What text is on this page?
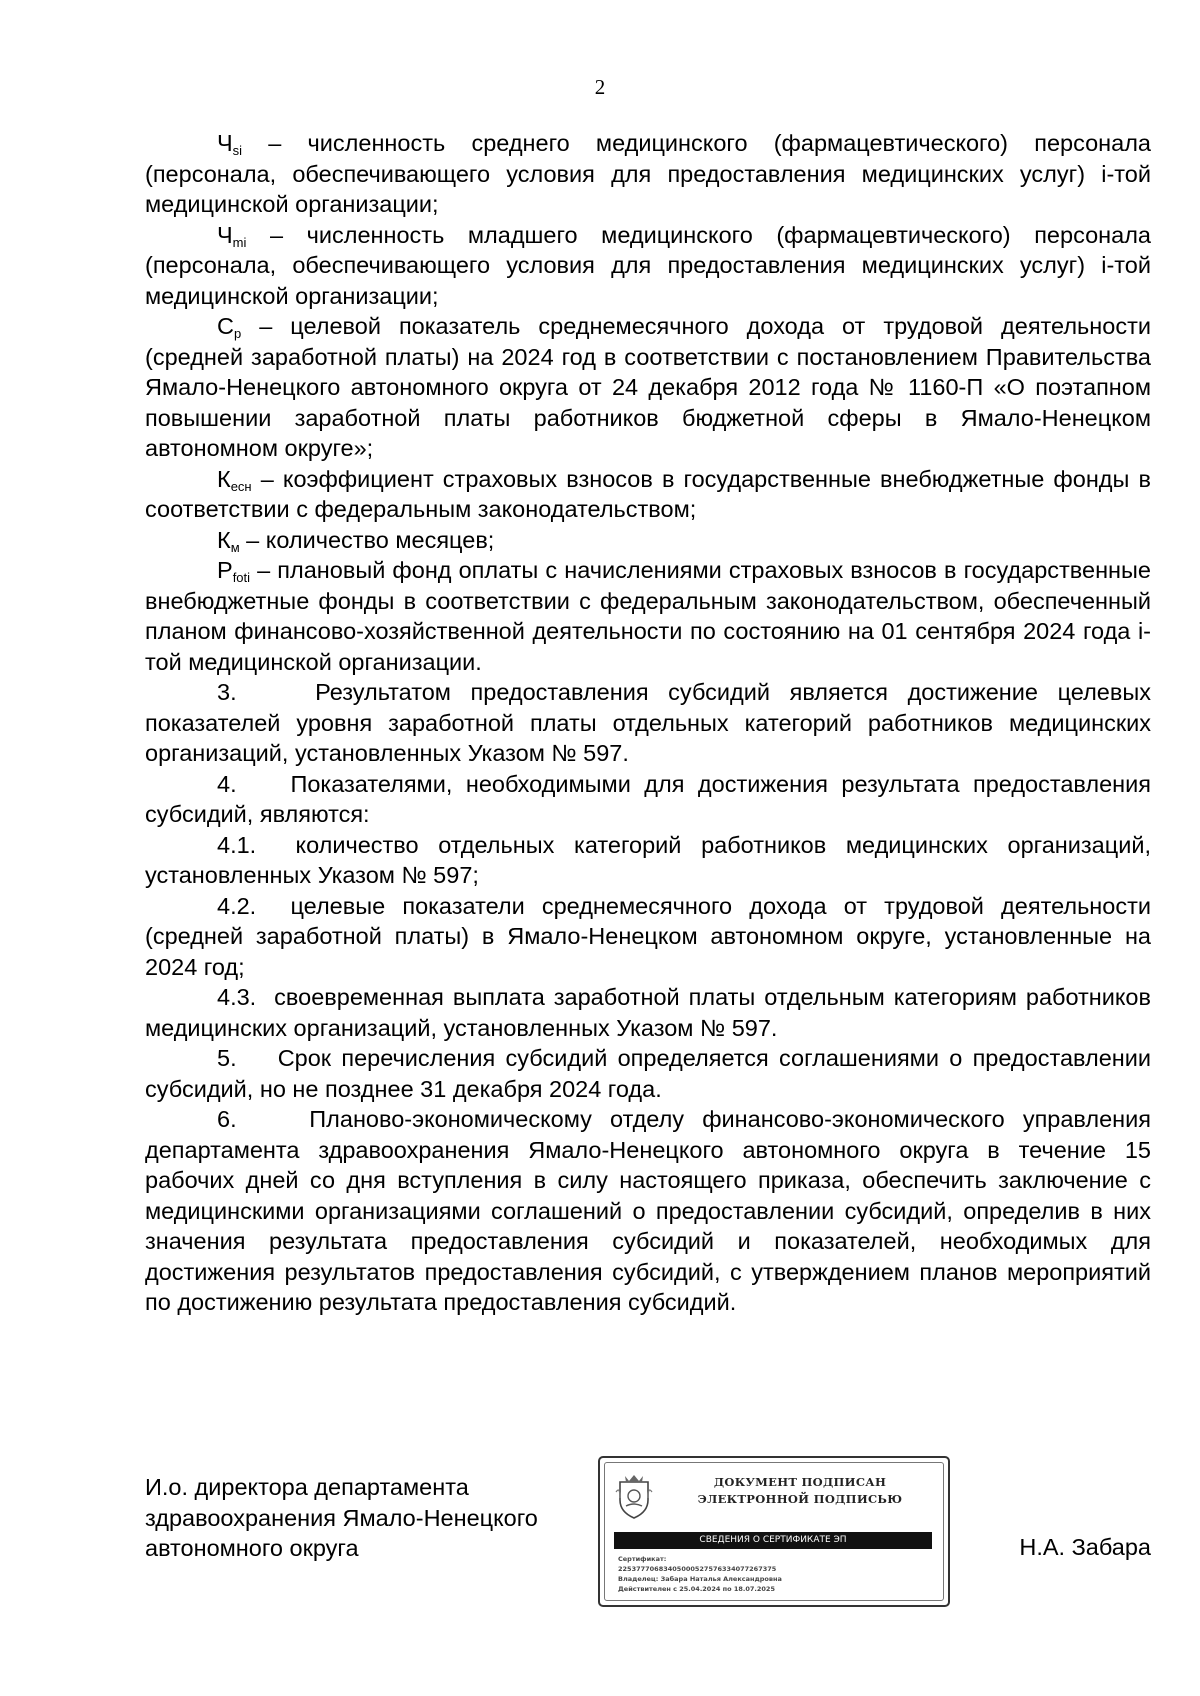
2

$Ч_{si}$ – численность среднего медицинского (фармацевтического) персонала (персонала, обеспечивающего условия для предоставления медицинских услуг) i-той медицинской организации;

$Ч_{mi}$ – численность младшего медицинского (фармацевтического) персонала (персонала, обеспечивающего условия для предоставления медицинских услуг) i-той медицинской организации;

$С_р$ – целевой показатель среднемесячного дохода от трудовой деятельности (средней заработной платы) на 2024 год в соответствии с постановлением Правительства Ямало-Ненецкого автономного округа от 24 декабря 2012 года № 1160-П «О поэтапном повышении заработной платы работников бюджетной сферы в Ямало-Ненецком автономном округе»;

$К_{есн}$ – коэффициент страховых взносов в государственные внебюджетные фонды в соответствии с федеральным законодательством;

$К_м$ – количество месяцев;

$Р_{foti}$ – плановый фонд оплаты с начислениями страховых взносов в государственные внебюджетные фонды в соответствии с федеральным законодательством, обеспеченный планом финансово-хозяйственной деятельности по состоянию на 01 сентября 2024 года i-той медицинской организации.

3.    Результатом предоставления субсидий является достижение целевых показателей уровня заработной платы отдельных категорий работников медицинских организаций, установленных Указом № 597.

4.    Показателями, необходимыми для достижения результата предоставления субсидий, являются:

4.1.  количество отдельных категорий работников медицинских организаций, установленных Указом № 597;

4.2.  целевые показатели среднемесячного дохода от трудовой деятельности (средней заработной платы) в Ямало-Ненецком автономном округе, установленные на 2024 год;

4.3.  своевременная выплата заработной платы отдельным категориям работников медицинских организаций, установленных Указом № 597.

5.    Срок перечисления субсидий определяется соглашениями о предоставлении субсидий, но не позднее 31 декабря 2024 года.

6.    Планово-экономическому отделу финансово-экономического управления департамента здравоохранения Ямало-Ненецкого автономного округа в течение 15 рабочих дней со дня вступления в силу настоящего приказа, обеспечить заключение с медицинскими организациями соглашений о предоставлении субсидий, определив в них значения результата предоставления субсидий и показателей, необходимых для достижения результатов предоставления субсидий, с утверждением планов мероприятий по достижению результата предоставления субсидий.

И.о. директора департамента
здравоохранения Ямало-Ненецкого
автономного округа
ДОКУМЕНТ ПОДПИСАН
ЭЛЕКТРОННОЙ ПОДПИСЬЮ
СВЕДЕНИЯ О СЕРТИФИКАТЕ ЭП
Сертификат:
22537770683405000527576334077267375
Владелец: Забара Наталья Александровна
Действителен с 25.04.2024 по 18.07.2025
Н.А. Забара
